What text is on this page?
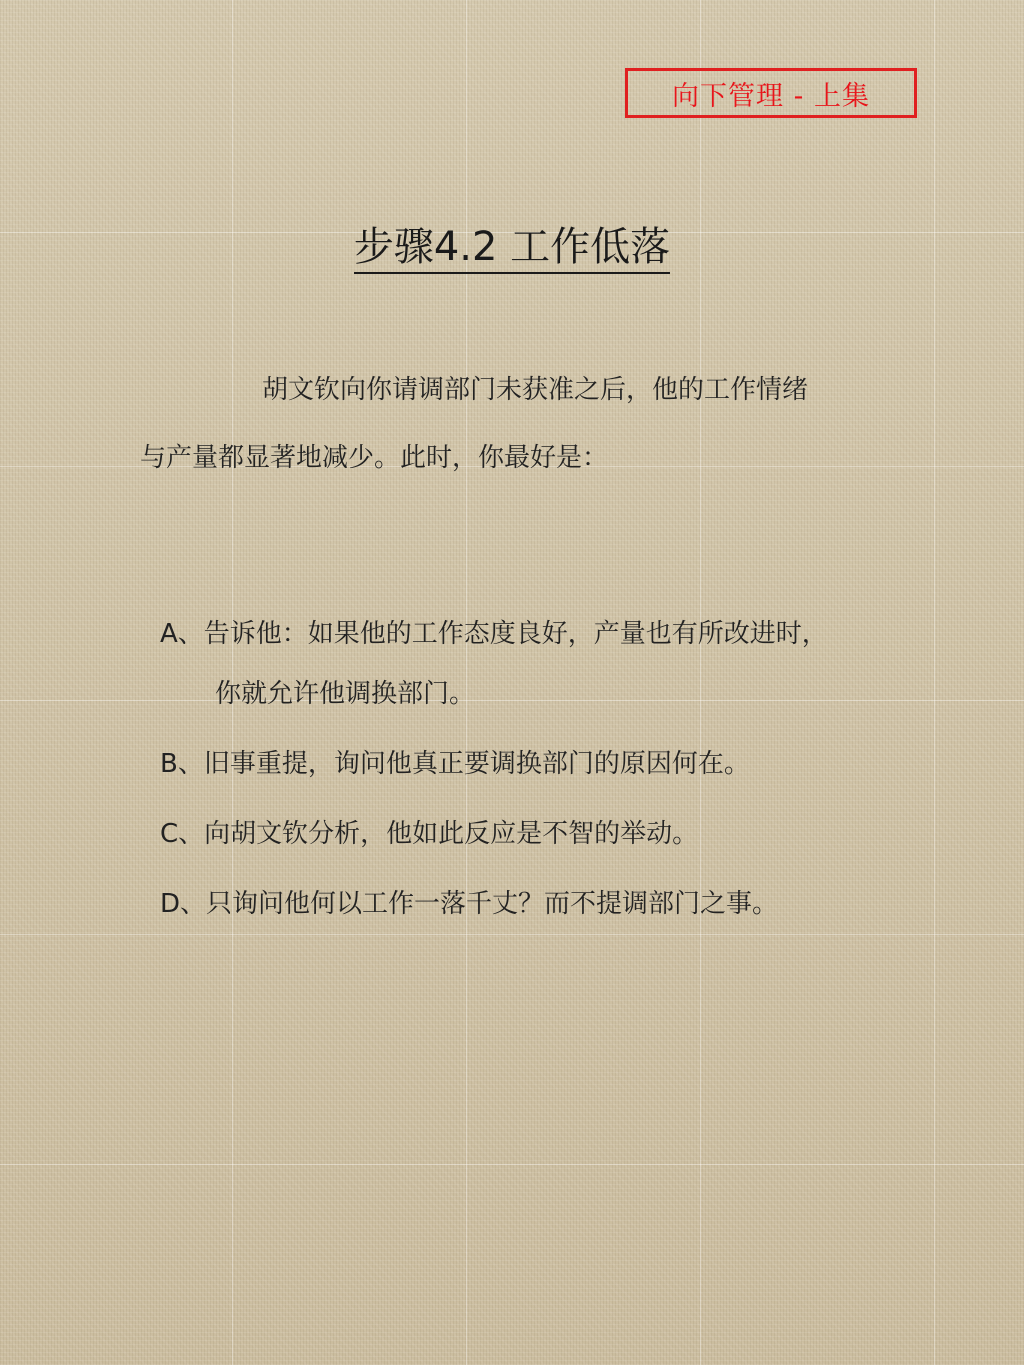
向下管理 - 上集
步骤4.2 工作低落
胡文钦向你请调部门未获准之后，他的工作情绪
与产量都显著地减少。此时，你最好是：
A、告诉他：如果他的工作态度良好，产量也有所改进时，
你就允许他调换部门。
B、旧事重提，询问他真正要调换部门的原因何在。
C、向胡文钦分析，他如此反应是不智的举动。
D、只询问他何以工作一落千丈？而不提调部门之事。
